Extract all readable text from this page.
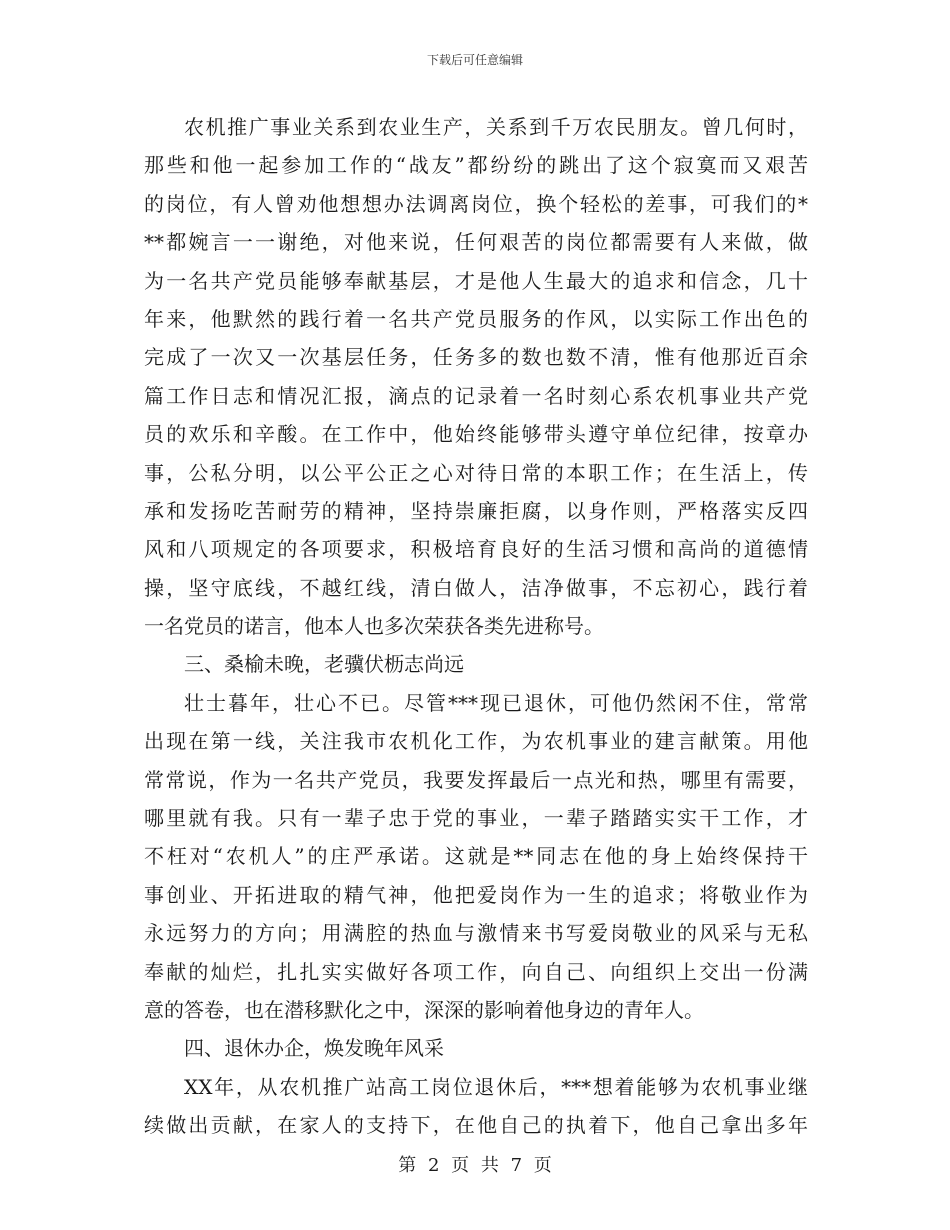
下载后可任意编辑
农机推广事业关系到农业生产，关系到千万农民朋友。曾几何时，
那些和他一起参加工作的“战友”都纷纷的跳出了这个寂寞而又艰苦
的岗位，有人曾劝他想想办法调离岗位，换个轻松的差事，可我们的*
**都婉言一一谢绝，对他来说，任何艰苦的岗位都需要有人来做，做
为一名共产党员能够奉献基层，才是他人生最大的追求和信念，几十
年来，他默然的践行着一名共产党员服务的作风，以实际工作出色的
完成了一次又一次基层任务，任务多的数也数不清，惟有他那近百余
篇工作日志和情况汇报，滴点的记录着一名时刻心系农机事业共产党
员的欢乐和辛酸。在工作中，他始终能够带头遵守单位纪律，按章办
事，公私分明，以公平公正之心对待日常的本职工作；在生活上，传
承和发扬吃苦耐劳的精神，坚持崇廉拒腐，以身作则，严格落实反四
风和八项规定的各项要求，积极培育良好的生活习惯和高尚的道德情
操，坚守底线，不越红线，清白做人，洁净做事，不忘初心，践行着
一名党员的诺言，他本人也多次荣获各类先进称号。
三、桑榆未晚，老骥伏枥志尚远
壮士暮年，壮心不已。尽管***现已退休，可他仍然闲不住，常常
出现在第一线，关注我市农机化工作，为农机事业的建言献策。用他
常常说，作为一名共产党员，我要发挥最后一点光和热，哪里有需要，
哪里就有我。只有一辈子忠于党的事业，一辈子踏踏实实干工作，才
不枉对“农机人”的庄严承诺。这就是**同志在他的身上始终保持干
事创业、开拓进取的精气神，他把爱岗作为一生的追求；将敬业作为
永远努力的方向；用满腔的热血与激情来书写爱岗敬业的风采与无私
奉献的灿烂，扎扎实实做好各项工作，向自己、向组织上交出一份满
意的答卷，也在潜移默化之中，深深的影响着他身边的青年人。
四、退休办企，焕发晚年风采
XX年，从农机推广站高工岗位退休后，***想着能够为农机事业继
续做出贡献，在家人的支持下，在他自己的执着下，他自己拿出多年
第 2 页 共 7 页
